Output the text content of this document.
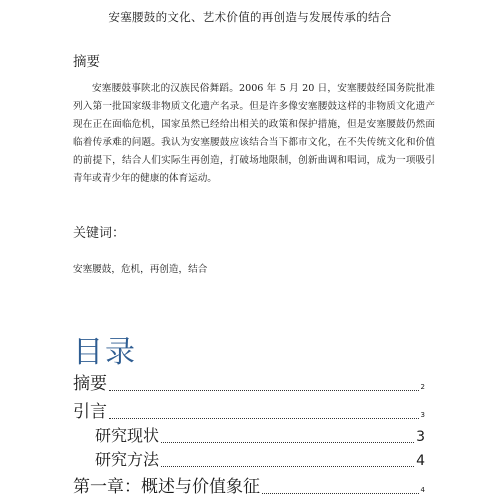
安塞腰鼓的文化、艺术价值的再创造与发展传承的结合
摘要

安塞腰鼓事陕北的汉族民俗舞蹈。2006 年 5 月 20 日，安塞腰鼓经国务院批准列入第一批国家级非物质文化遗产名录。但是许多像安塞腰鼓这样的非物质文化遗产现在正在面临危机，国家虽然已经给出相关的政策和保护措施，但是安塞腰鼓仍然面临着传承难的问题。我认为安塞腰鼓应该结合当下都市文化，在不失传统文化和价值的前提下，结合人们实际生再创造，打破场地限制，创新曲调和唱词，成为一项吸引青年或青少年的健康的体育运动。

关键词：
安塞腰鼓，危机，再创造，结合
目录
摘要	2
引言	3
研究现状	3
研究方法	4
第一章：概述与价值象征	4
